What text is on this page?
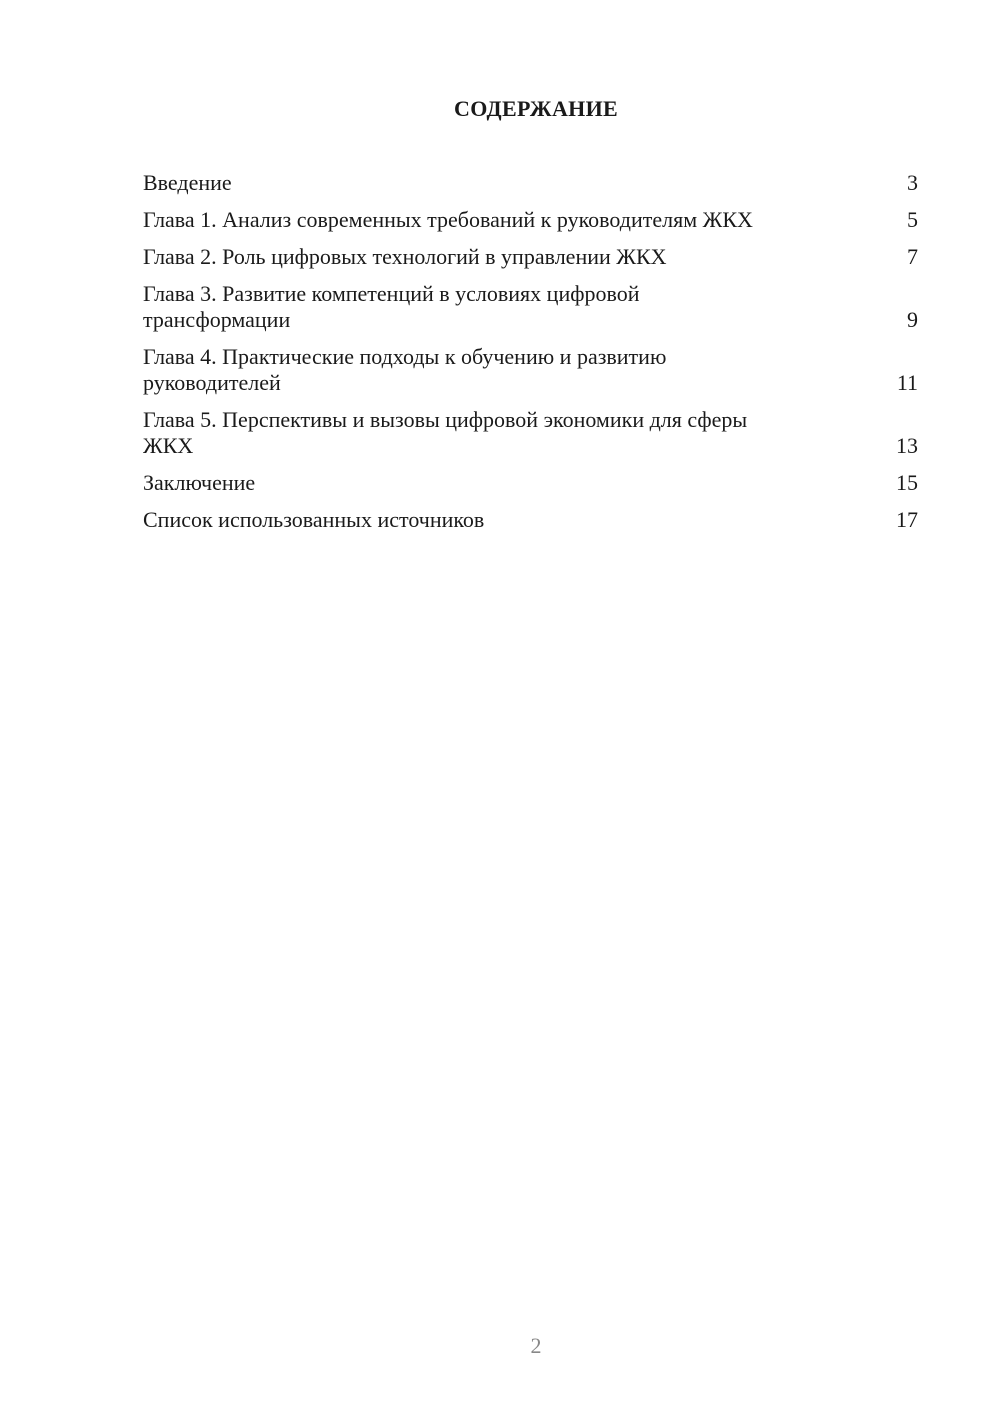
СОДЕРЖАНИЕ
Введение	3
Глава 1. Анализ современных требований к руководителям ЖКХ	5
Глава 2. Роль цифровых технологий в управлении ЖКХ	7
Глава 3. Развитие компетенций в условиях цифровой трансформации	9
Глава 4. Практические подходы к обучению и развитию руководителей	11
Глава 5. Перспективы и вызовы цифровой экономики для сферы ЖКХ	13
Заключение	15
Список использованных источников	17
2
